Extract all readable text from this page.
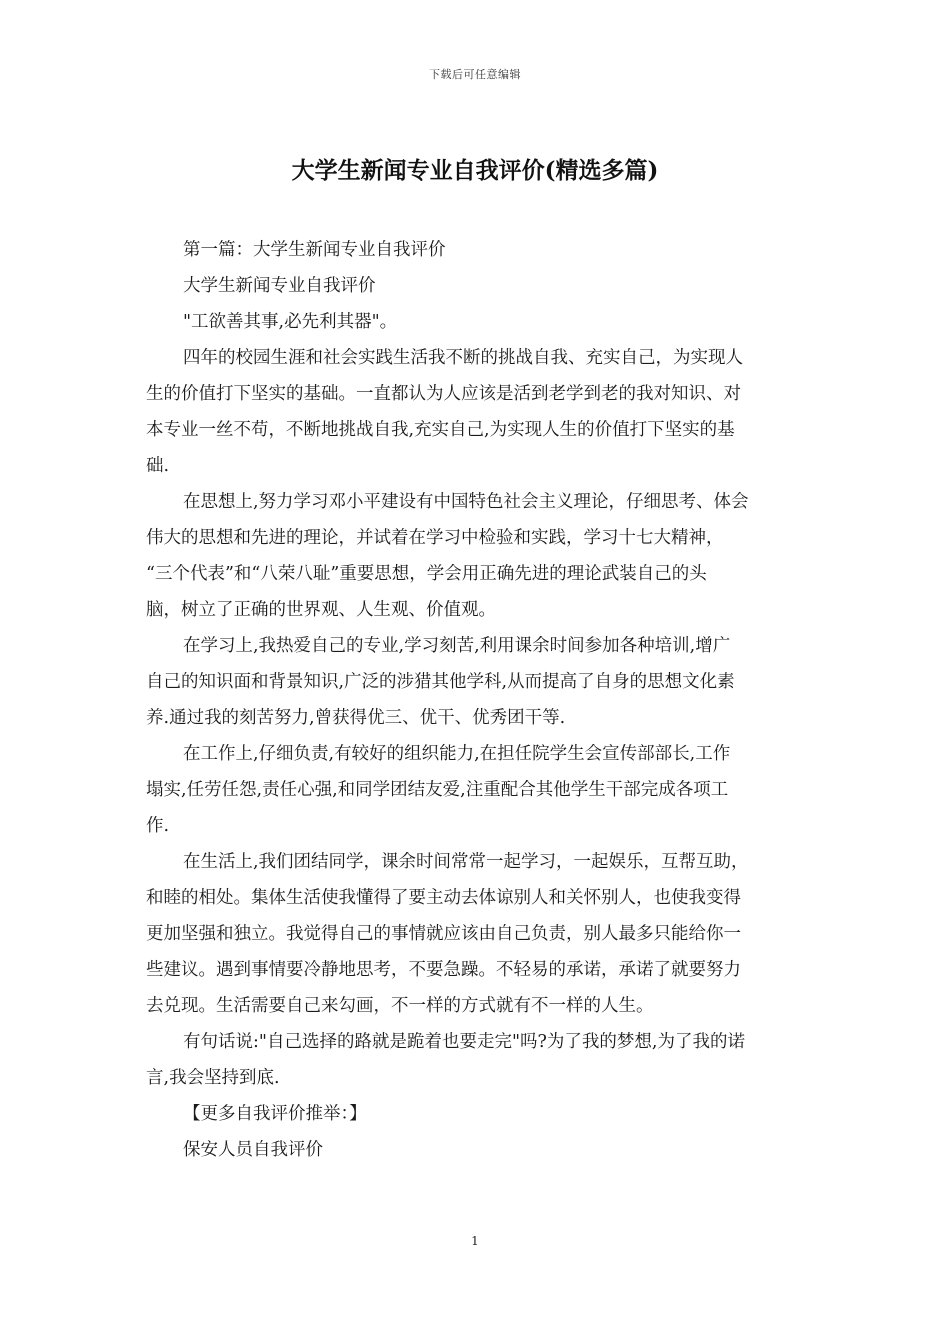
下载后可任意编辑
大学生新闻专业自我评价(精选多篇)

第一篇：大学生新闻专业自我评价

大学生新闻专业自我评价

"工欲善其事,必先利其器"。

四年的校园生涯和社会实践生活我不断的挑战自我、充实自己，为实现人

生的价值打下坚实的基础。一直都认为人应该是活到老学到老的我对知识、对

本专业一丝不苟，不断地挑战自我,充实自己,为实现人生的价值打下坚实的基

础.

在思想上,努力学习邓小平建设有中国特色社会主义理论，仔细思考、体会

伟大的思想和先进的理论，并试着在学习中检验和实践，学习十七大精神，

“三个代表”和“八荣八耻”重要思想，学会用正确先进的理论武装自己的头

脑，树立了正确的世界观、人生观、价值观。

在学习上,我热爱自己的专业,学习刻苦,利用课余时间参加各种培训,增广

自己的知识面和背景知识,广泛的涉猎其他学科,从而提高了自身的思想文化素

养.通过我的刻苦努力,曾获得优三、优干、优秀团干等.

在工作上,仔细负责,有较好的组织能力,在担任院学生会宣传部部长,工作

塌实,任劳任怨,责任心强,和同学团结友爱,注重配合其他学生干部完成各项工

作.

在生活上,我们团结同学，课余时间常常一起学习，一起娱乐，互帮互助，

和睦的相处。集体生活使我懂得了要主动去体谅别人和关怀别人，也使我变得

更加坚强和独立。我觉得自己的事情就应该由自己负责，别人最多只能给你一

些建议。遇到事情要冷静地思考，不要急躁。不轻易的承诺，承诺了就要努力

去兑现。生活需要自己来勾画，不一样的方式就有不一样的人生。

有句话说:"自己选择的路就是跪着也要走完"吗?为了我的梦想,为了我的诺

言,我会坚持到底.

【更多自我评价推举：】

保安人员自我评价

1
